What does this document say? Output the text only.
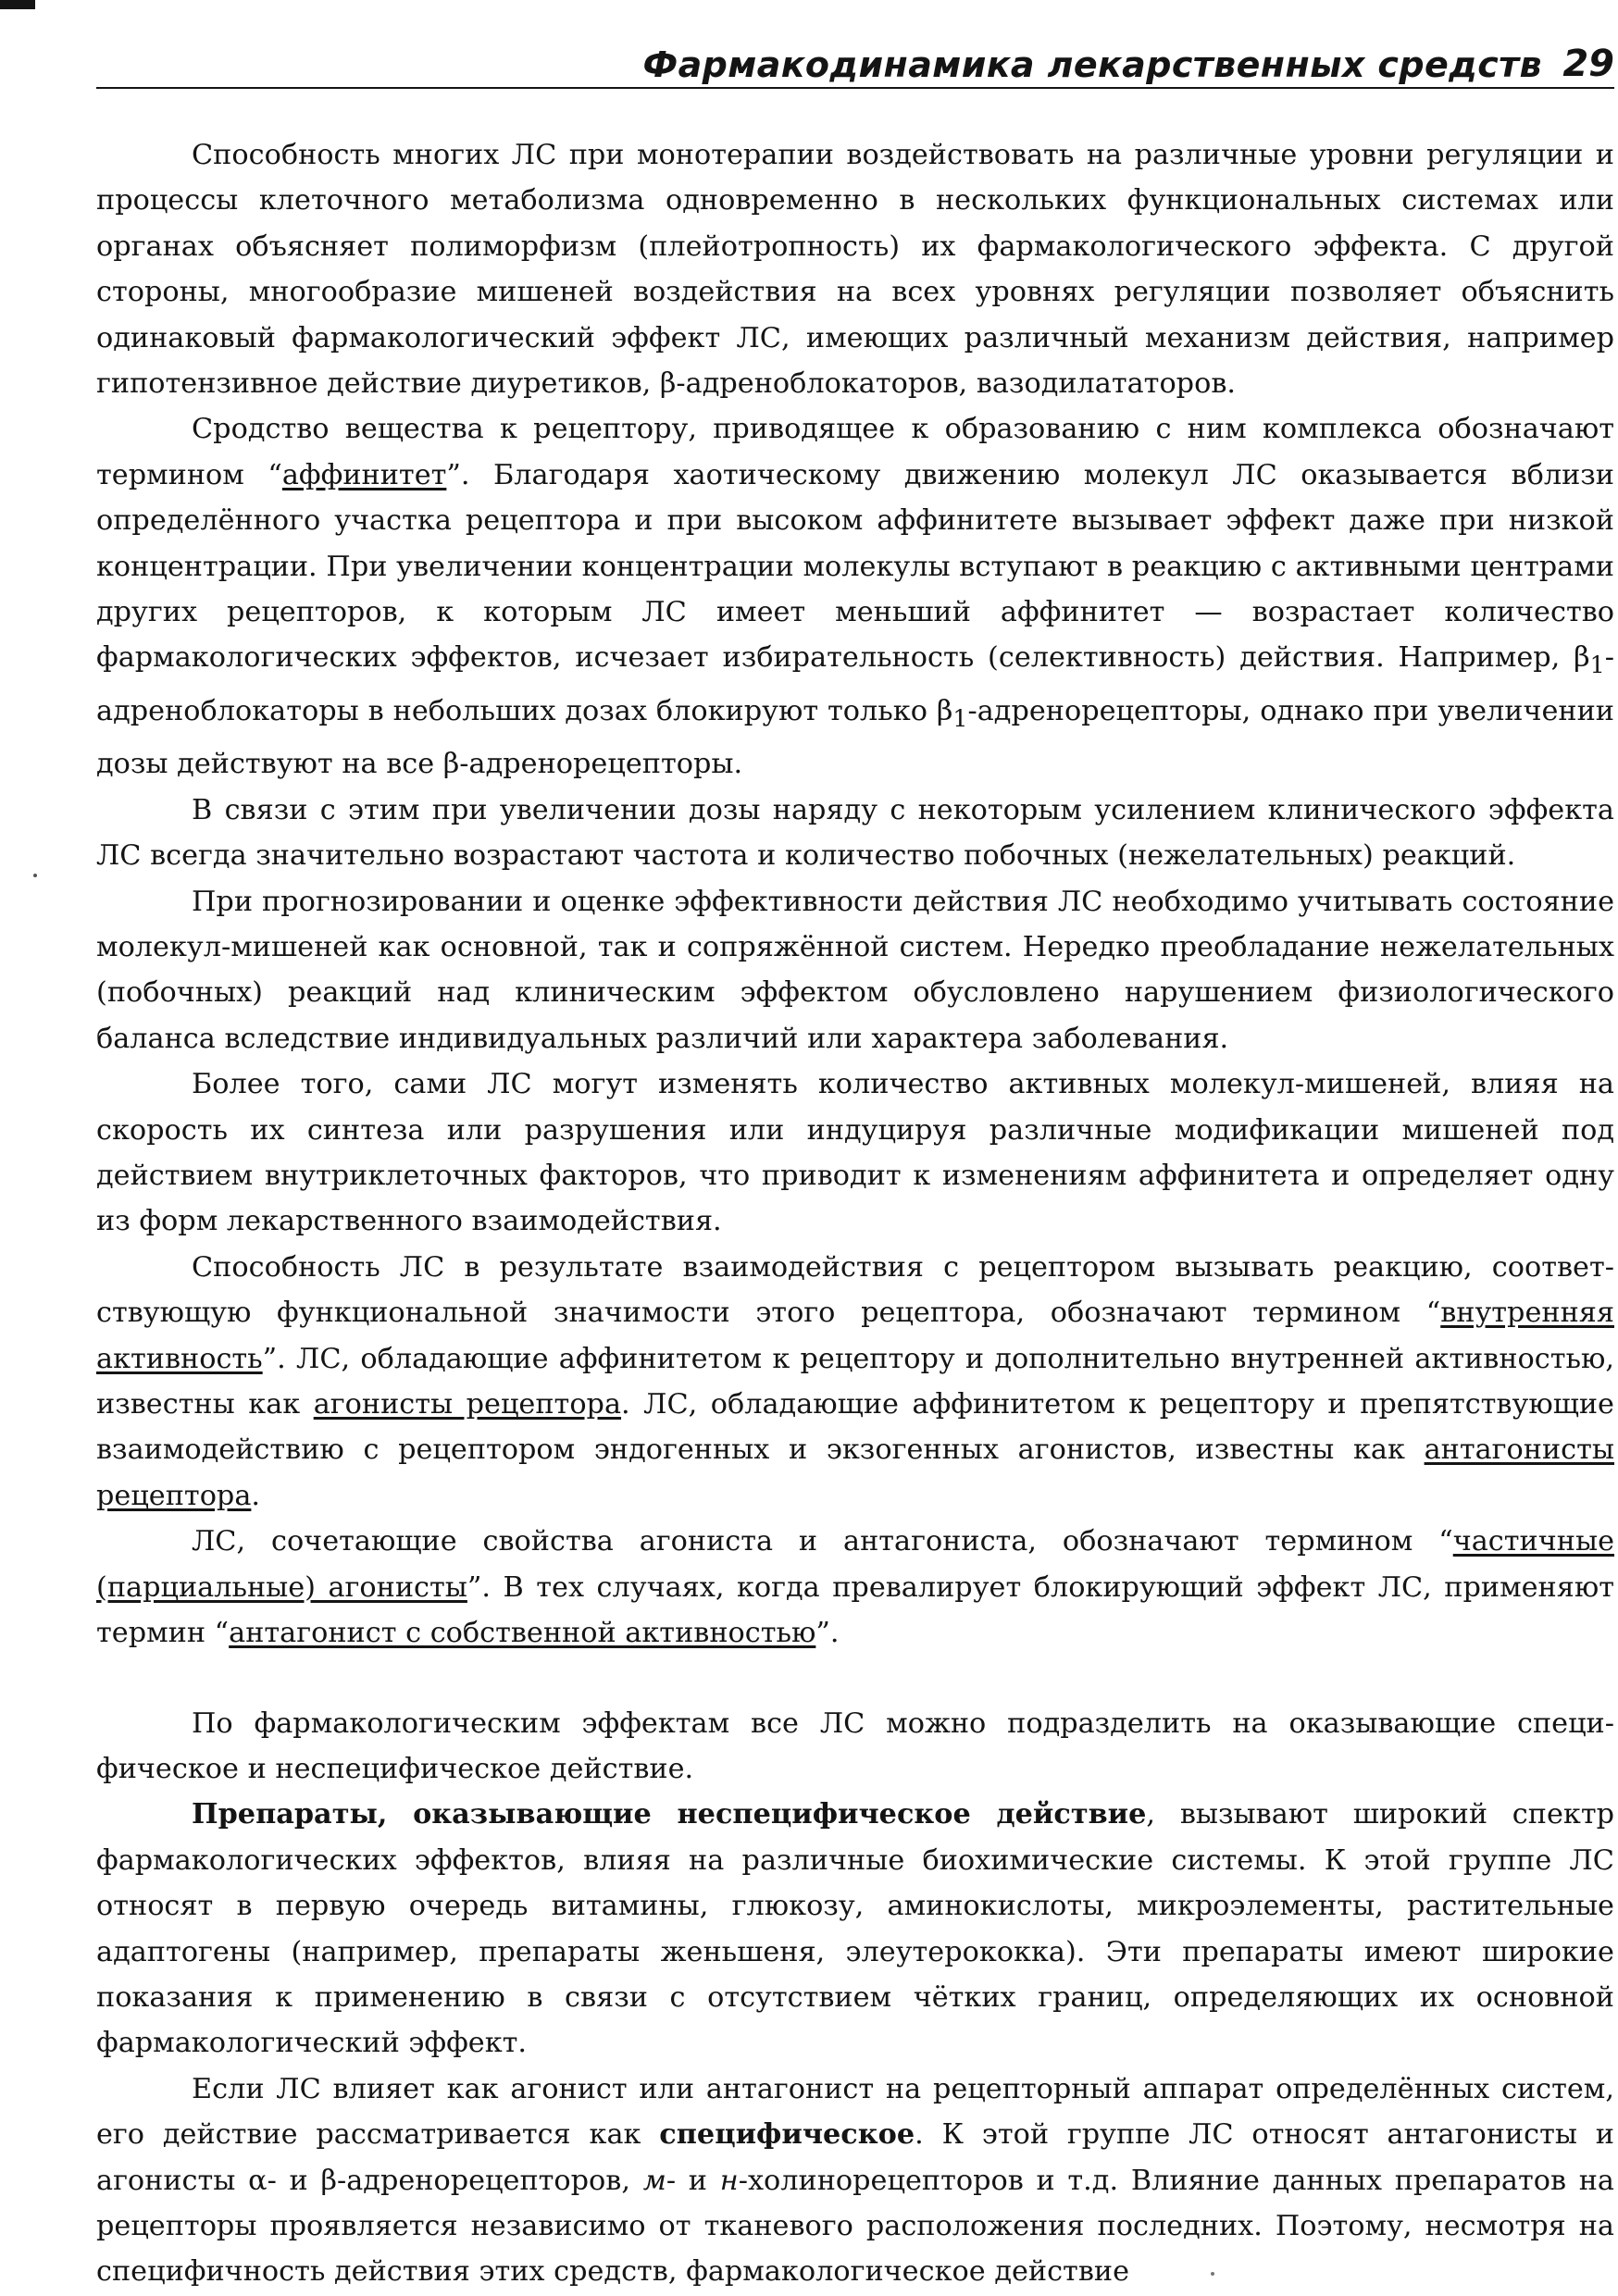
Фармакодинамика лекарственных средств 29

Способность многих ЛС при монотерапии воздействовать на различные уровни регуляции и процессы клеточного метаболизма одновременно в нескольких функциональных системах или органах объясняет полиморфизм (плейотропность) их фармакологического эффекта. С другой стороны, многообразие мишеней воздействия на всех уровнях регуляции позволяет объяснить одинаковый фармакологический эффект ЛС, имеющих различный механизм действия, например гипотензивное действие диуретиков, β-адреноблокаторов, вазодилататоров.

Сродство вещества к рецептору, приводящее к образованию с ним комплекса обозначают термином “аффинитет”. Благодаря хаотическому движению молекул ЛС оказывается вблизи определённого участка рецептора и при высоком аффинитете вызывает эффект даже при низкой концентрации. При увеличении концентрации молекулы вступают в реакцию с активными центрами других рецепторов, к которым ЛС имеет меньший аффинитет — возрастает количество фармакологических эффектов, исчезает избирательность (селективность) действия. Например, $\beta_1$-адреноблокаторы в небольших дозах блокируют только $\beta_1$-адренорецепторы, однако при увеличении дозы действуют на все β-адренорецепторы.

В связи с этим при увеличении дозы наряду с некоторым усилением клинического эффекта ЛС всегда значительно возрастают частота и количество побочных (нежелательных) реакций.

При прогнозировании и оценке эффективности действия ЛС необходимо учитывать состояние молекул-мишеней как основной, так и сопряжённой систем. Нередко преобладание нежелательных (побочных) реакций над клиническим эффектом обусловлено нарушением физиологического баланса вследствие индивидуальных различий или характера заболевания.

Более того, сами ЛС могут изменять количество активных молекул-мишеней, влияя на скорость их синтеза или разрушения или индуцируя различные модификации мишеней под действием внутриклеточных факторов, что приводит к изменениям аффинитета и определяет одну из форм лекарственного взаимодействия.

Способность ЛС в результате взаимодействия с рецептором вызывать реакцию, соответствующую функциональной значимости этого рецептора, обозначают термином “внутренняя активность”. ЛС, обладающие аффинитетом к рецептору и дополнительно внутренней активностью, известны как агонисты рецептора. ЛС, обладающие аффинитетом к рецептору и препятствующие взаимодействию с рецептором эндогенных и экзогенных агонистов, известны как антагонисты рецептора.

ЛС, сочетающие свойства агониста и антагониста, обозначают термином “частичные (парциальные) агонисты”. В тех случаях, когда превалирует блокирующий эффект ЛС, применяют термин “антагонист с собственной активностью”.

По фармакологическим эффектам все ЛС можно подразделить на оказывающие специфическое и неспецифическое действие.

Препараты, оказывающие неспецифическое действие, вызывают широкий спектр фармакологических эффектов, влияя на различные биохимические системы. К этой группе ЛС относят в первую очередь витамины, глюкозу, аминокислоты, микроэлементы, растительные адаптогены (например, препараты женьшеня, элеутерококка). Эти препараты имеют широкие показания к применению в связи с отсутствием чётких границ, определяющих их основной фармакологический эффект.

Если ЛС влияет как агонист или антагонист на рецепторный аппарат определённых систем, его действие рассматривается как специфическое. К этой группе ЛС относят антагонисты и агонисты α- и β-адренорецепторов, м- и н-холинорецепторов и т.д. Влияние данных препаратов на рецепторы проявляется независимо от тканевого расположения последних. Поэтому, несмотря на специфичность действия этих средств, фармакологическое действие
